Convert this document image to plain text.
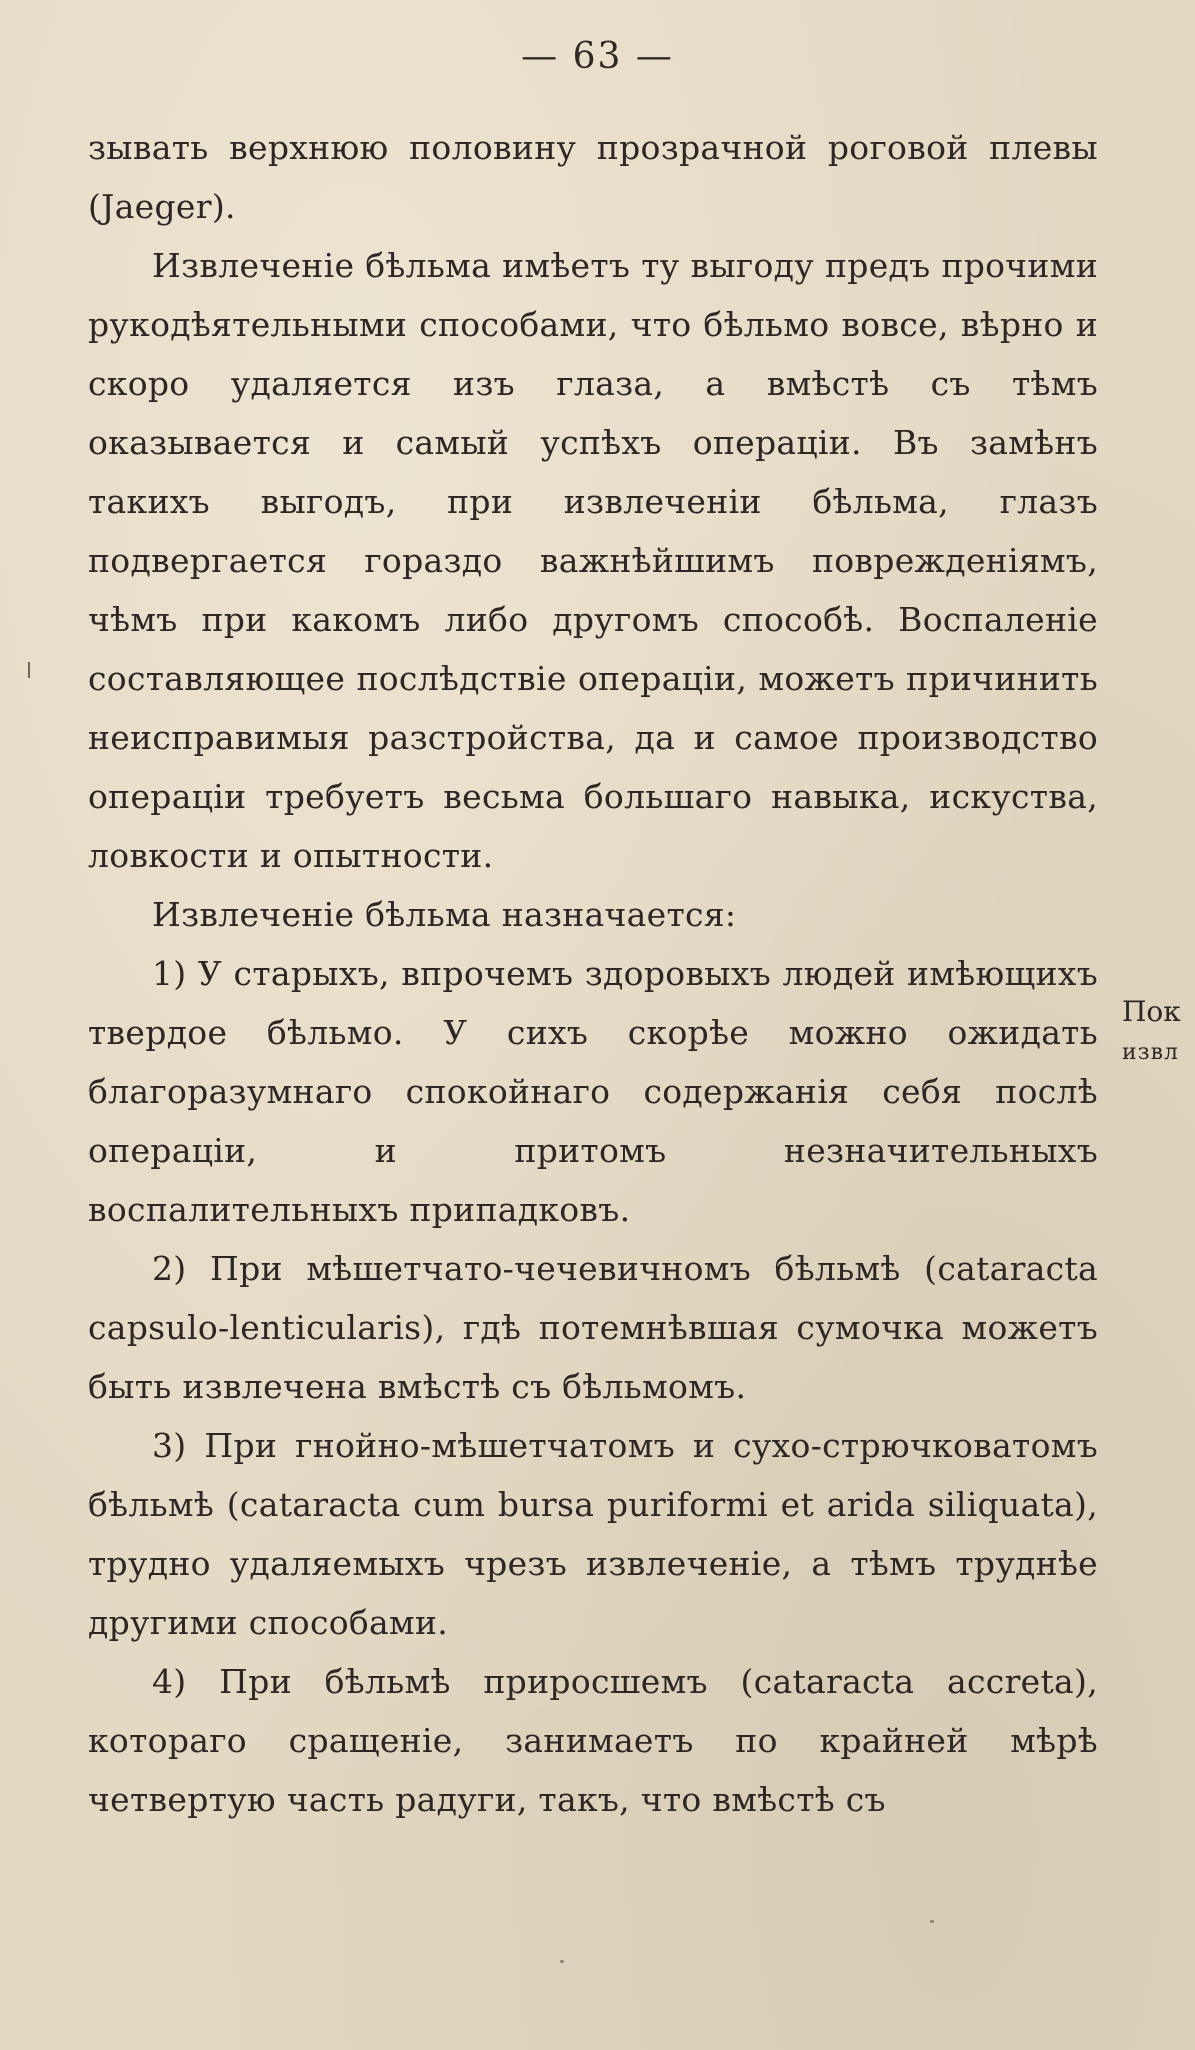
— 63 —

зывать верхнюю половину прозрачной роговой плевы (Jaeger).

Извлеченіе бѣльма имѣетъ ту выгоду предъ прочими рукодѣятельными способами, что бѣльмо вовсе, вѣрно и скоро удаляется изъ глаза, а вмѣстѣ съ тѣмъ оказывается и самый успѣхъ операціи. Въ замѣнъ такихъ выгодъ, при извлеченіи бѣльма, глазъ подвергается гораздо важнѣйшимъ поврежденіямъ, чѣмъ при какомъ либо другомъ способѣ. Воспаленіе составляющее послѣдствіе операціи, можетъ причинить неисправимыя разстройства, да и самое производство операціи требуетъ весьма большаго навыка, искуства, ловкости и опытности.

Извлеченіе бѣльма назначается:

1) У старыхъ, впрочемъ здоровыхъ людей имѣющихъ твердое бѣльмо. У сихъ скорѣе можно ожидать благоразумнаго спокойнаго содержанія себя послѣ операціи, и притомъ незначительныхъ воспалительныхъ припадковъ.

2) При мѣшетчато-чечевичномъ бѣльмѣ (cataracta capsulo-lenticularis), гдѣ потемнѣвшая сумочка можетъ быть извлечена вмѣстѣ съ бѣльмомъ.

3) При гнойно-мѣшетчатомъ и сухо-стрючковатомъ бѣльмѣ (cataracta cum bursa puriformi et arida siliquata), трудно удаляемыхъ чрезъ извлеченіе, а тѣмъ труднѣе другими способами.

4) При бѣльмѣ приросшемъ (cataracta accreta), котораго сращеніе, занимаетъ по крайней мѣрѣ четвертую часть радуги, такъ, что вмѣстѣ съ

Пок
извл
